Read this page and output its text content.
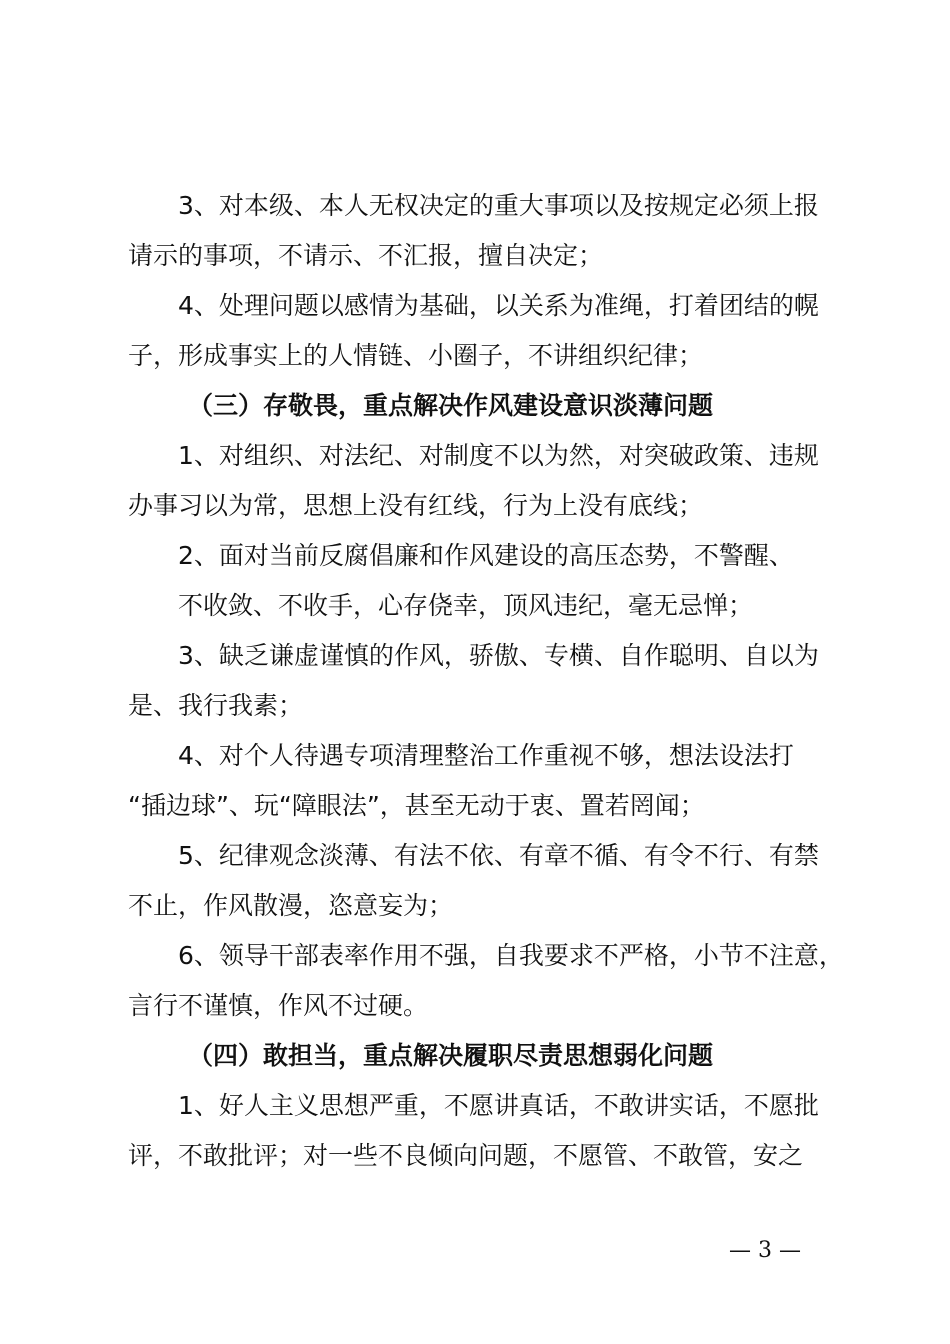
3、对本级、本人无权决定的重大事项以及按规定必须上报
请示的事项，不请示、不汇报，擅自决定；
4、处理问题以感情为基础，以关系为准绳，打着团结的幌
子，形成事实上的人情链、小圈子，不讲组织纪律；
（三）存敬畏，重点解决作风建设意识淡薄问题
1、对组织、对法纪、对制度不以为然，对突破政策、违规
办事习以为常，思想上没有红线，行为上没有底线；
2、面对当前反腐倡廉和作风建设的高压态势，不警醒、
不收敛、不收手，心存侥幸，顶风违纪，毫无忌惮；
3、缺乏谦虚谨慎的作风，骄傲、专横、自作聪明、自以为
是、我行我素；
4、对个人待遇专项清理整治工作重视不够，想法设法打
“插边球”、玩“障眼法”，甚至无动于衷、置若罔闻；
5、纪律观念淡薄、有法不依、有章不循、有令不行、有禁
不止，作风散漫，恣意妄为；
6、领导干部表率作用不强，自我要求不严格，小节不注意，
言行不谨慎，作风不过硬。
（四）敢担当，重点解决履职尽责思想弱化问题
1、好人主义思想严重，不愿讲真话，不敢讲实话，不愿批
评，不敢批评；对一些不良倾向问题，不愿管、不敢管，安之
— 3 —
